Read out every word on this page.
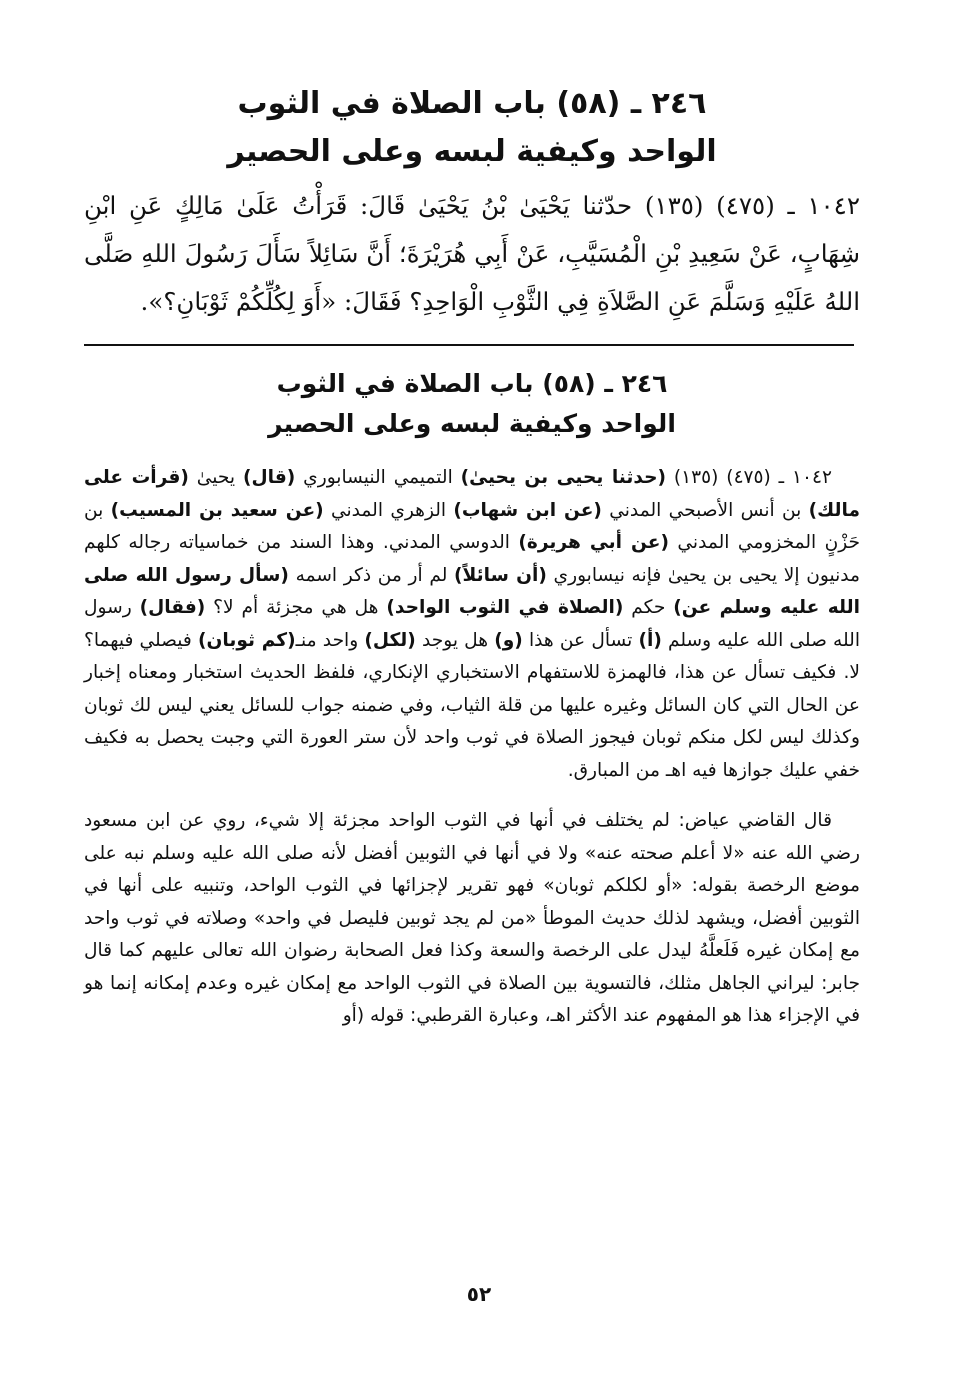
٢٤٦ ـ (٥٨) باب الصلاة في الثوب
الواحد وكيفية لبسه وعلى الحصير

١٠٤٢ ـ (٤٧٥) (١٣٥) حدّثنا يَحْيَىٰ بْنُ يَحْيَىٰ قَالَ: قَرَأْتُ عَلَىٰ مَالِكٍ عَنِ ابْنِ شِهَابٍ، عَنْ سَعِيدِ بْنِ الْمُسَيَّبِ، عَنْ أَبِي هُرَيْرَةَ؛ أَنَّ سَائِلاً سَأَلَ رَسُولَ اللهِ صَلَّى اللهُ عَلَيْهِ وَسَلَّمَ عَنِ الصَّلاَةِ فِي الثَّوْبِ الْوَاحِدِ؟ فَقَالَ: «أَوَ لِكُلِّكُمْ ثَوْبَانِ؟».

٢٤٦ ـ (٥٨) باب الصلاة في الثوب
الواحد وكيفية لبسه وعلى الحصير

١٠٤٢ ـ (٤٧٥) (١٣٥) (حدثنا يحيى بن يحيىٰ) التميمي النيسابوري (قال) يحيىٰ (قرأت على مالك) بن أنس الأصبحي المدني (عن ابن شهاب) الزهري المدني (عن سعيد بن المسيب) بن حَزْنٍ المخزومي المدني (عن أبي هريرة) الدوسي المدني. وهذا السند من خماسياته رجاله كلهم مدنيون إلا يحيى بن يحيىٰ فإنه نيسابوري (أن سائلاً) لم أر من ذكر اسمه (سأل رسول الله صلى الله عليه وسلم عن) حكم (الصلاة في الثوب الواحد) هل هي مجزئة أم لا؟ (فقال) رسول الله صلى الله عليه وسلم (أ) تسأل عن هذا (و) هل يوجد (لكل) واحد منـ(كم ثوبان) فيصلي فيهما؟ لا. فكيف تسأل عن هذا، فالهمزة للاستفهام الاستخباري الإنكاري، فلفظ الحديث استخبار ومعناه إخبار عن الحال التي كان السائل وغيره عليها من قلة الثياب، وفي ضمنه جواب للسائل يعني ليس لك ثوبان وكذلك ليس لكل منكم ثوبان فيجوز الصلاة في ثوب واحد لأن ستر العورة التي وجبت يحصل به فكيف خفي عليك جوازها فيه اهـ من المبارق.

قال القاضي عياض: لم يختلف في أنها في الثوب الواحد مجزئة إلا شيء، روي عن ابن مسعود رضي الله عنه «لا أعلم صحته عنه» ولا في أنها في الثوبين أفضل لأنه صلى الله عليه وسلم نبه على موضع الرخصة بقوله: «أو لكلكم ثوبان» فهو تقرير لإجزائها في الثوب الواحد، وتنبيه على أنها في الثوبين أفضل، ويشهد لذلك حديث الموطأ «من لم يجد ثوبين فليصل في واحد» وصلاته في ثوب واحد مع إمكان غيره فَلَعلَّهُ ليدل على الرخصة والسعة وكذا فعل الصحابة رضوان الله تعالى عليهم كما قال جابر: ليراني الجاهل مثلك، فالتسوية بين الصلاة في الثوب الواحد مع إمكان غيره وعدم إمكانه إنما هو في الإجزاء هذا هو المفهوم عند الأكثر اهـ، وعبارة القرطبي: قوله (أو

٥٢
